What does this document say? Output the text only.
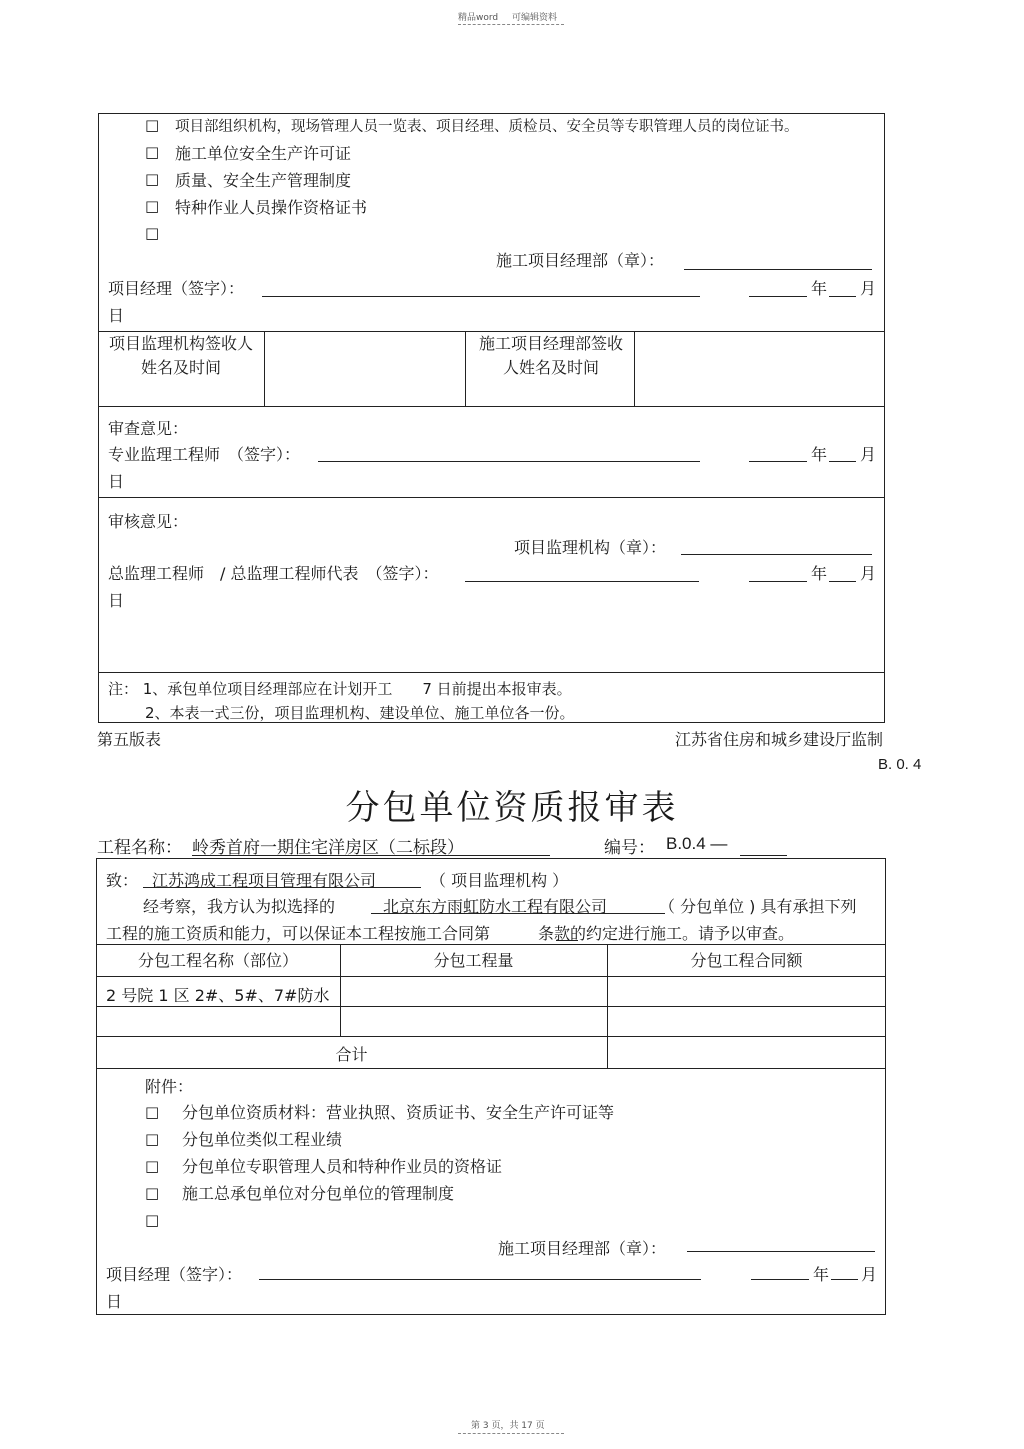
精品word 可编辑资料
□ 项目部组织机构，现场管理人员一览表、项目经理、质检员、安全员等专职管理人员的岗位证书。
□ 施工单位安全生产许可证
□ 质量、安全生产管理制度
□ 特种作业人员操作资格证书
□
施工项目经理部（章）：
项目经理（签字）：	年 月
日
项目监理机构签收人姓名及时间
施工项目经理部签收人姓名及时间
审查意见：
专业监理工程师　（签字）：	年 月
日
审核意见：
项目监理机构（章）：
总监理工程师　/ 总监理工程师代表　（签字）：	年 月
日
注： 1、承包单位项目经理部应在计划开工　　7 日前提出本报审表。
2、本表一式三份，项目监理机构、建设单位、施工单位各一份。
第五版表	江苏省住房和城乡建设厅监制
B. 0. 4
分包单位资质报审表
工程名称： 岭秀首府一期住宅洋房区（二标段）	编号： B.0.4 —
致： 江苏鸿成工程项目管理有限公司	（ 项目监理机构 ）
经考察，我方认为拟选择的	北京东方雨虹防水工程有限公司	（ 分包单位 ) 具有承担下列
工程的施工资质和能力，可以保证本工程按施工合同第　　　条款的约定进行施工。请予以审查。
分包工程名称（部位）	分包工程量	分包工程合同额
2 号院 1 区 2#、5#、7#防水
合计
附件：
□ 分包单位资质材料：营业执照、资质证书、安全生产许可证等
□ 分包单位类似工程业绩
□ 分包单位专职管理人员和特种作业员的资格证
□ 施工总承包单位对分包单位的管理制度
□
施工项目经理部（章）：
项目经理（签字）：	年 月
日
第 3 页，共 17 页
